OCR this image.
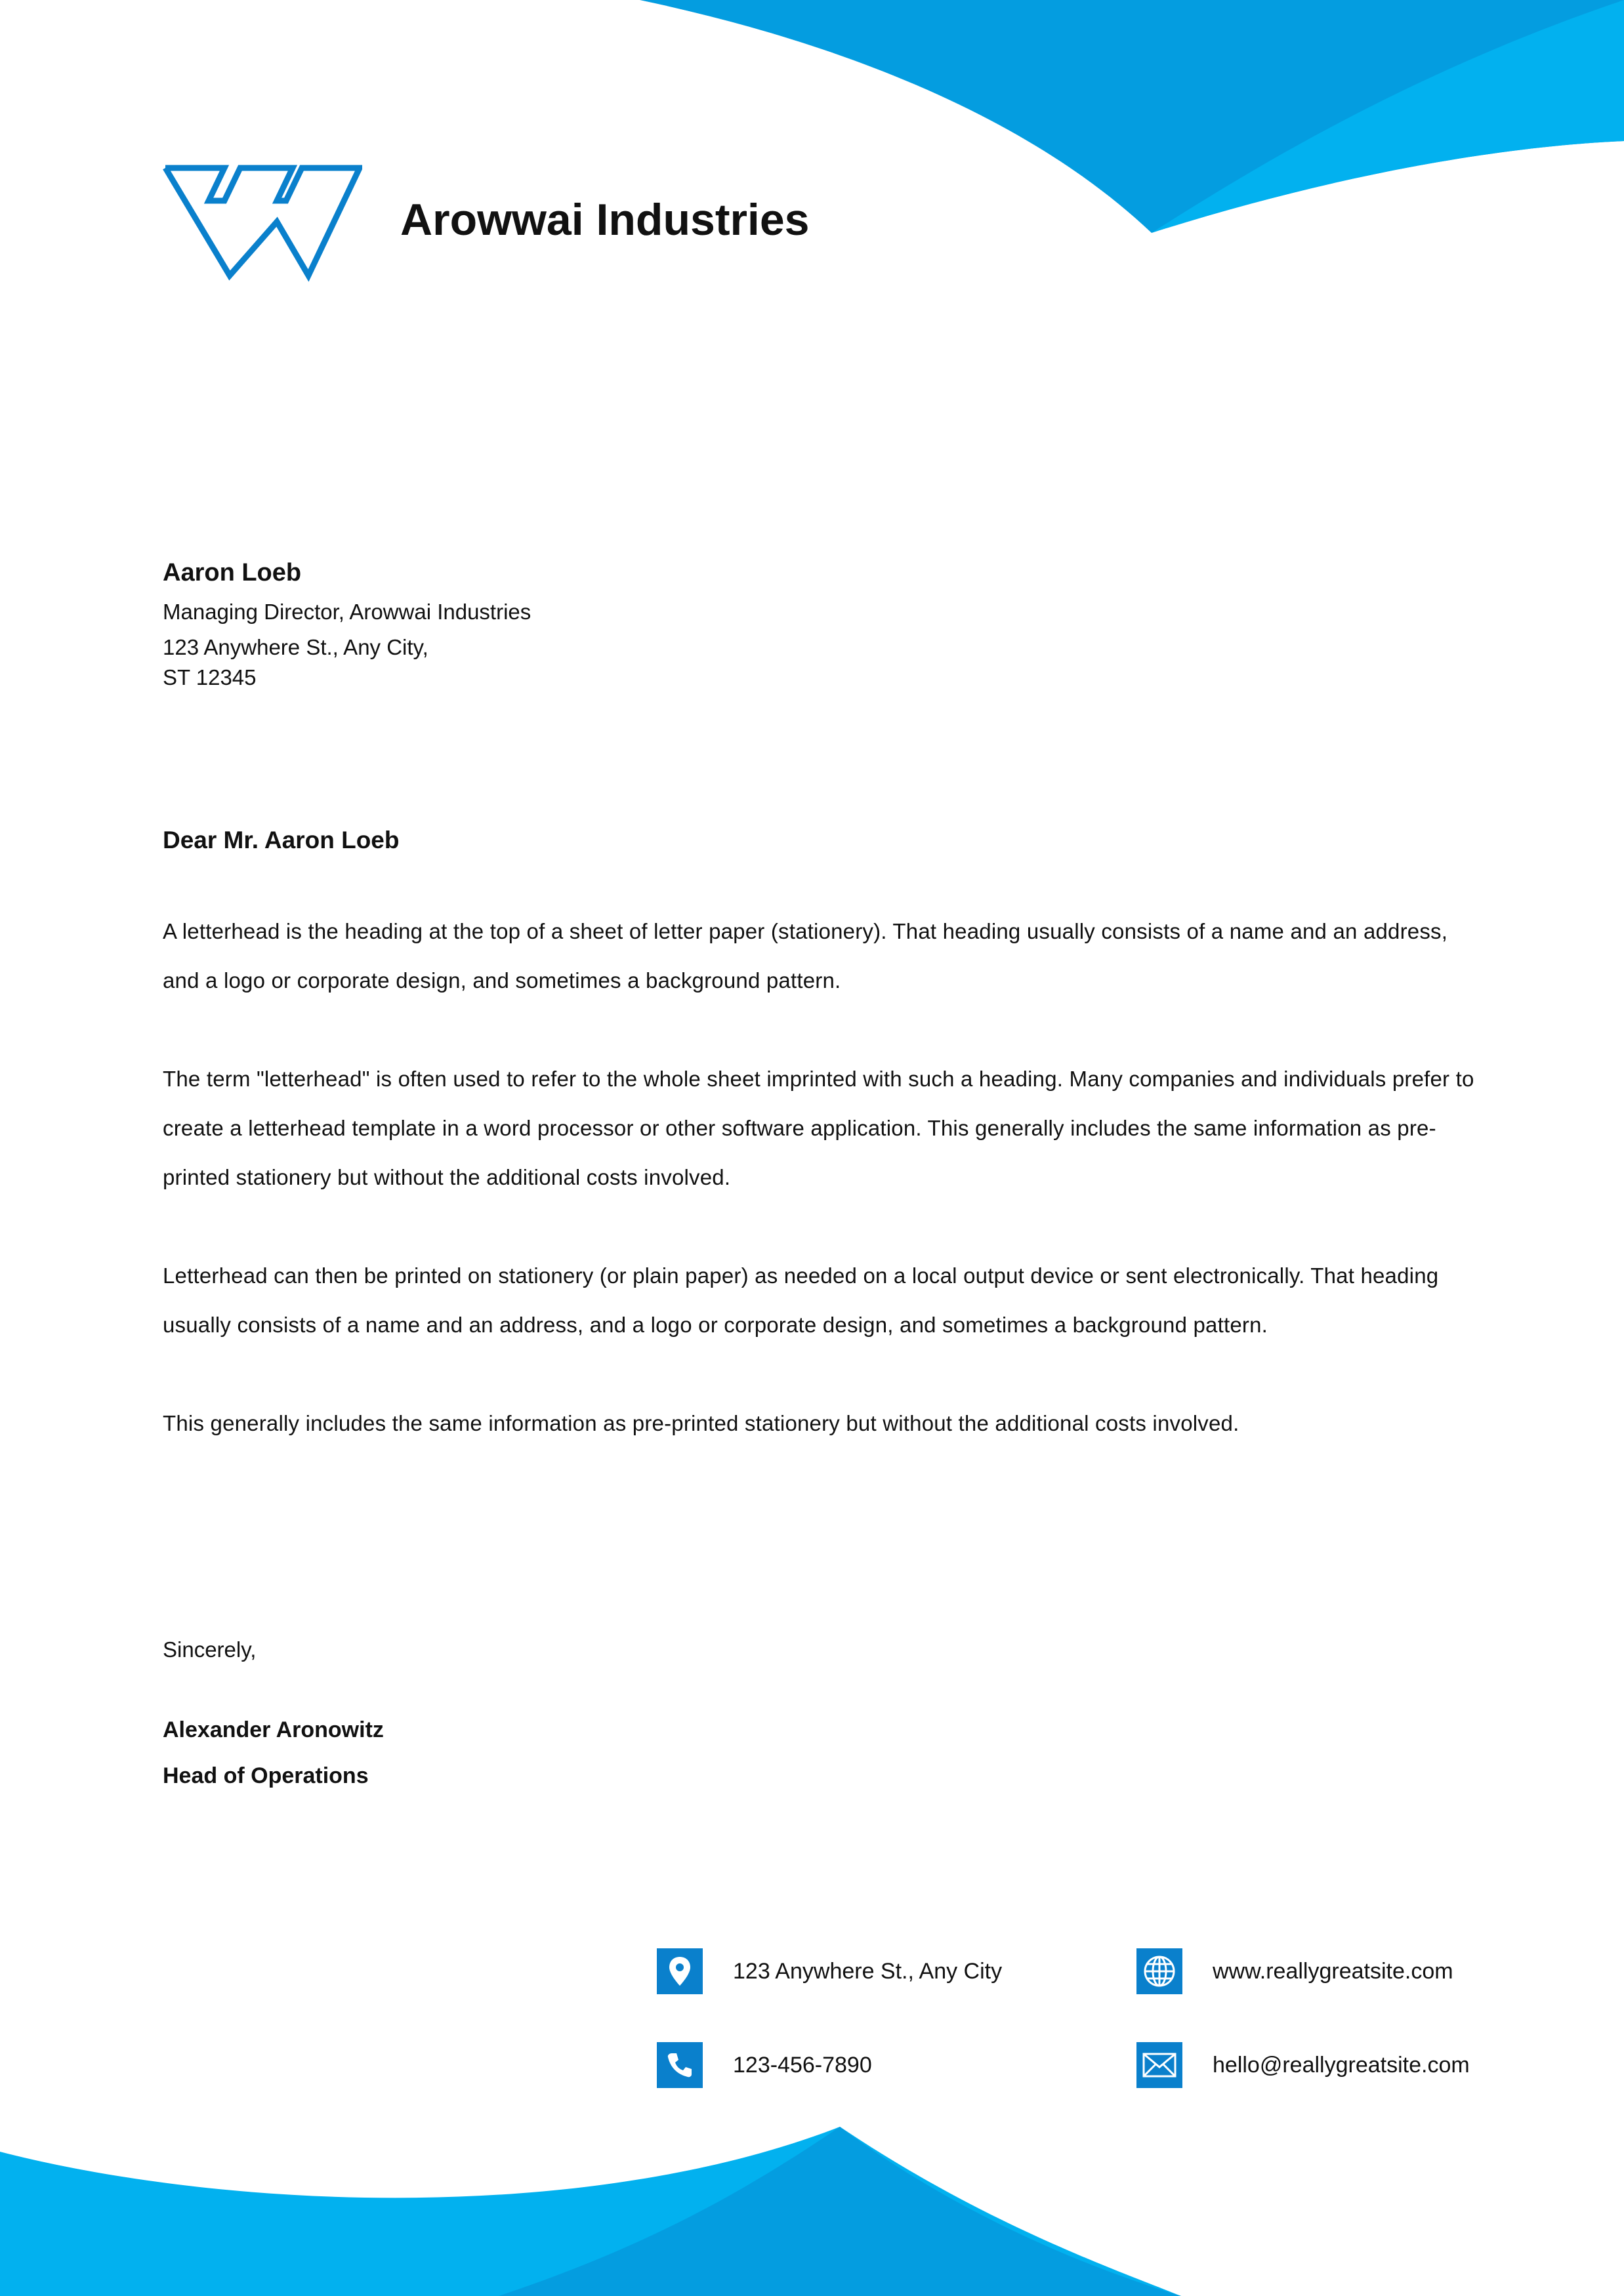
Arowwai Industries
Aaron Loeb
Managing Director, Arowwai Industries
123 Anywhere St., Any City,
ST 12345
Dear Mr. Aaron Loeb

A letterhead is the heading at the top of a sheet of letter paper (stationery). That heading usually consists of a name and an address, and a logo or corporate design, and sometimes a background pattern.

The term "letterhead" is often used to refer to the whole sheet imprinted with such a heading. Many companies and individuals prefer to create a letterhead template in a word processor or other software application. This generally includes the same information as pre-printed stationery but without the additional costs involved.

Letterhead can then be printed on stationery (or plain paper) as needed on a local output device or sent electronically. That heading usually consists of a name and an address, and a logo or corporate design, and sometimes a background pattern.

This generally includes the same information as pre-printed stationery but without the additional costs involved.

Sincerely,
Alexander Aronowitz
Head of Operations
123 Anywhere St., Any City	www.reallygreatsite.com
123-456-7890	hello@reallygreatsite.com
